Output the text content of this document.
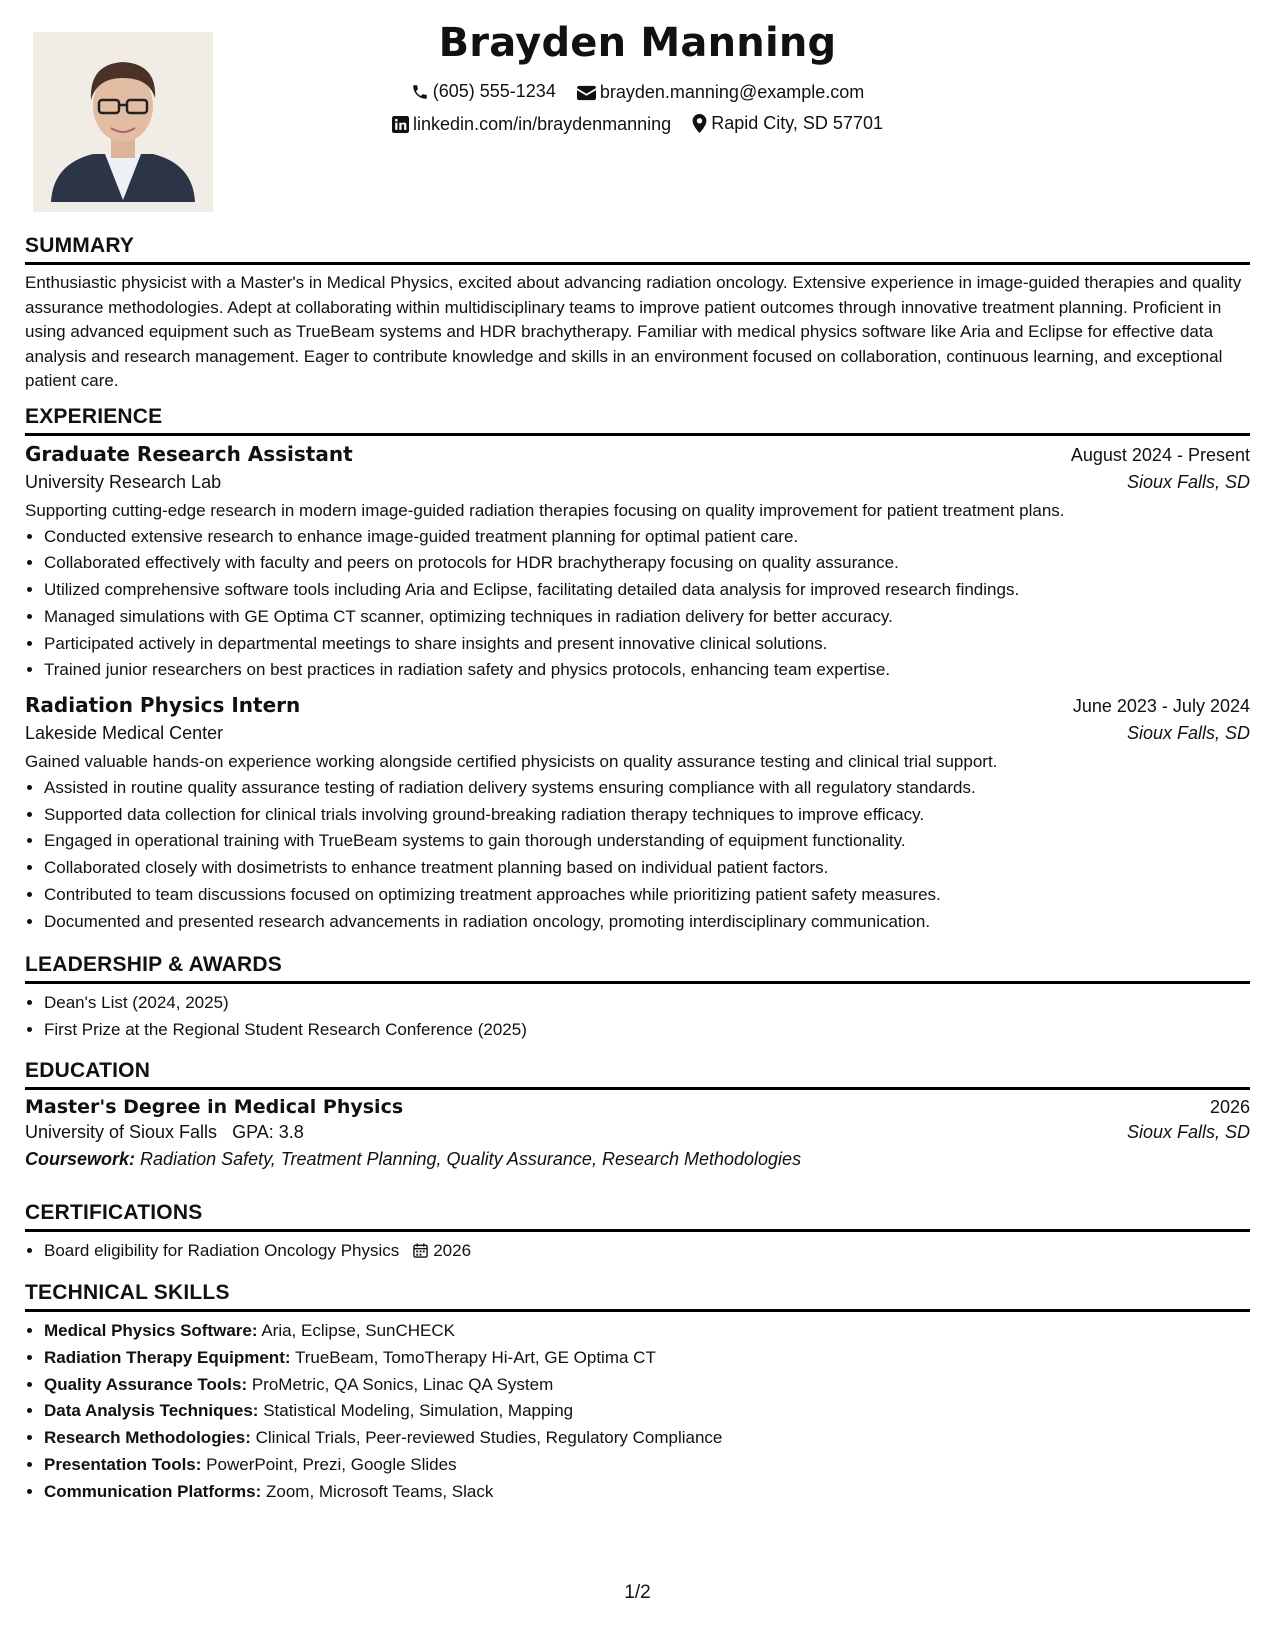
Brayden Manning
(605) 555-1234
brayden.manning@example.com
linkedin.com/in/braydenmanning
Rapid City, SD 57701
SUMMARY
Enthusiastic physicist with a Master's in Medical Physics, excited about advancing radiation oncology. Extensive experience in image-guided therapies and quality assurance methodologies. Adept at collaborating within multidisciplinary teams to improve patient outcomes through innovative treatment planning. Proficient in using advanced equipment such as TrueBeam systems and HDR brachytherapy. Familiar with medical physics software like Aria and Eclipse for effective data analysis and research management. Eager to contribute knowledge and skills in an environment focused on collaboration, continuous learning, and exceptional patient care.
EXPERIENCE
Graduate Research Assistant	August 2024 - Present
University Research Lab	Sioux Falls, SD
Supporting cutting-edge research in modern image-guided radiation therapies focusing on quality improvement for patient treatment plans.
• Conducted extensive research to enhance image-guided treatment planning for optimal patient care.
• Collaborated effectively with faculty and peers on protocols for HDR brachytherapy focusing on quality assurance.
• Utilized comprehensive software tools including Aria and Eclipse, facilitating detailed data analysis for improved research findings.
• Managed simulations with GE Optima CT scanner, optimizing techniques in radiation delivery for better accuracy.
• Participated actively in departmental meetings to share insights and present innovative clinical solutions.
• Trained junior researchers on best practices in radiation safety and physics protocols, enhancing team expertise.
Radiation Physics Intern	June 2023 - July 2024
Lakeside Medical Center	Sioux Falls, SD
Gained valuable hands-on experience working alongside certified physicists on quality assurance testing and clinical trial support.
• Assisted in routine quality assurance testing of radiation delivery systems ensuring compliance with all regulatory standards.
• Supported data collection for clinical trials involving ground-breaking radiation therapy techniques to improve efficacy.
• Engaged in operational training with TrueBeam systems to gain thorough understanding of equipment functionality.
• Collaborated closely with dosimetrists to enhance treatment planning based on individual patient factors.
• Contributed to team discussions focused on optimizing treatment approaches while prioritizing patient safety measures.
• Documented and presented research advancements in radiation oncology, promoting interdisciplinary communication.
LEADERSHIP & AWARDS
• Dean's List (2024, 2025)
• First Prize at the Regional Student Research Conference (2025)
EDUCATION
Master's Degree in Medical Physics	2026
University of Sioux Falls GPA: 3.8	Sioux Falls, SD
Coursework: Radiation Safety, Treatment Planning, Quality Assurance, Research Methodologies
CERTIFICATIONS
• Board eligibility for Radiation Oncology Physics 2026
TECHNICAL SKILLS
• Medical Physics Software: Aria, Eclipse, SunCHECK
• Radiation Therapy Equipment: TrueBeam, TomoTherapy Hi-Art, GE Optima CT
• Quality Assurance Tools: ProMetric, QA Sonics, Linac QA System
• Data Analysis Techniques: Statistical Modeling, Simulation, Mapping
• Research Methodologies: Clinical Trials, Peer-reviewed Studies, Regulatory Compliance
• Presentation Tools: PowerPoint, Prezi, Google Slides
• Communication Platforms: Zoom, Microsoft Teams, Slack
1/2
